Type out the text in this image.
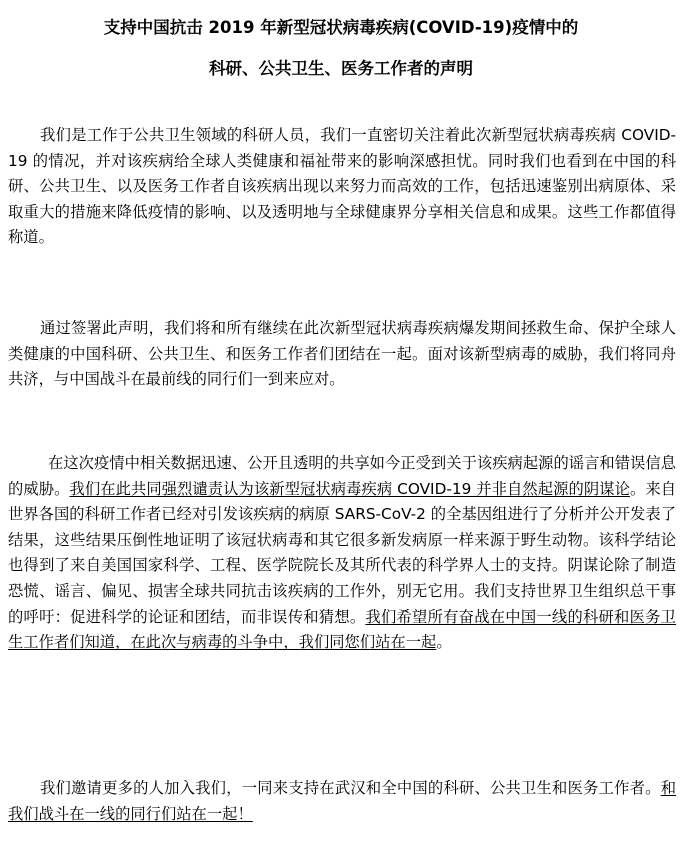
支持中国抗击 2019 年新型冠状病毒疾病(COVID-19)疫情中的
科研、公共卫生、医务工作者的声明

我们是工作于公共卫生领域的科研人员，我们一直密切关注着此次新型冠状病毒疾病 COVID-19 的情况，并对该疾病给全球人类健康和福祉带来的影响深感担忧。同时我们也看到在中国的科研、公共卫生、以及医务工作者自该疾病出现以来努力而高效的工作，包括迅速鉴别出病原体、采取重大的措施来降低疫情的影响、以及透明地与全球健康界分享相关信息和成果。这些工作都值得称道。

通过签署此声明，我们将和所有继续在此次新型冠状病毒疾病爆发期间拯救生命、保护全球人类健康的中国科研、公共卫生、和医务工作者们团结在一起。面对该新型病毒的威胁，我们将同舟共济，与中国战斗在最前线的同行们一到来应对。

在这次疫情中相关数据迅速、公开且透明的共享如今正受到关于该疾病起源的谣言和错误信息的威胁。我们在此共同强烈谴责认为该新型冠状病毒疾病 COVID-19 并非自然起源的阴谋论。来自世界各国的科研工作者已经对引发该疾病的病原 SARS-CoV-2 的全基因组进行了分析并公开发表了结果，这些结果压倒性地证明了该冠状病毒和其它很多新发病原一样来源于野生动物。该科学结论也得到了来自美国国家科学、工程、医学院院长及其所代表的科学界人士的支持。阴谋论除了制造恐慌、谣言、偏见、损害全球共同抗击该疾病的工作外，别无它用。我们支持世界卫生组织总干事的呼吁：促进科学的论证和团结，而非误传和猜想。我们希望所有奋战在中国一线的科研和医务卫生工作者们知道，在此次与病毒的斗争中，我们同您们站在一起。

我们邀请更多的人加入我们，一同来支持在武汉和全中国的科研、公共卫生和医务工作者。和我们战斗在一线的同行们站在一起！
